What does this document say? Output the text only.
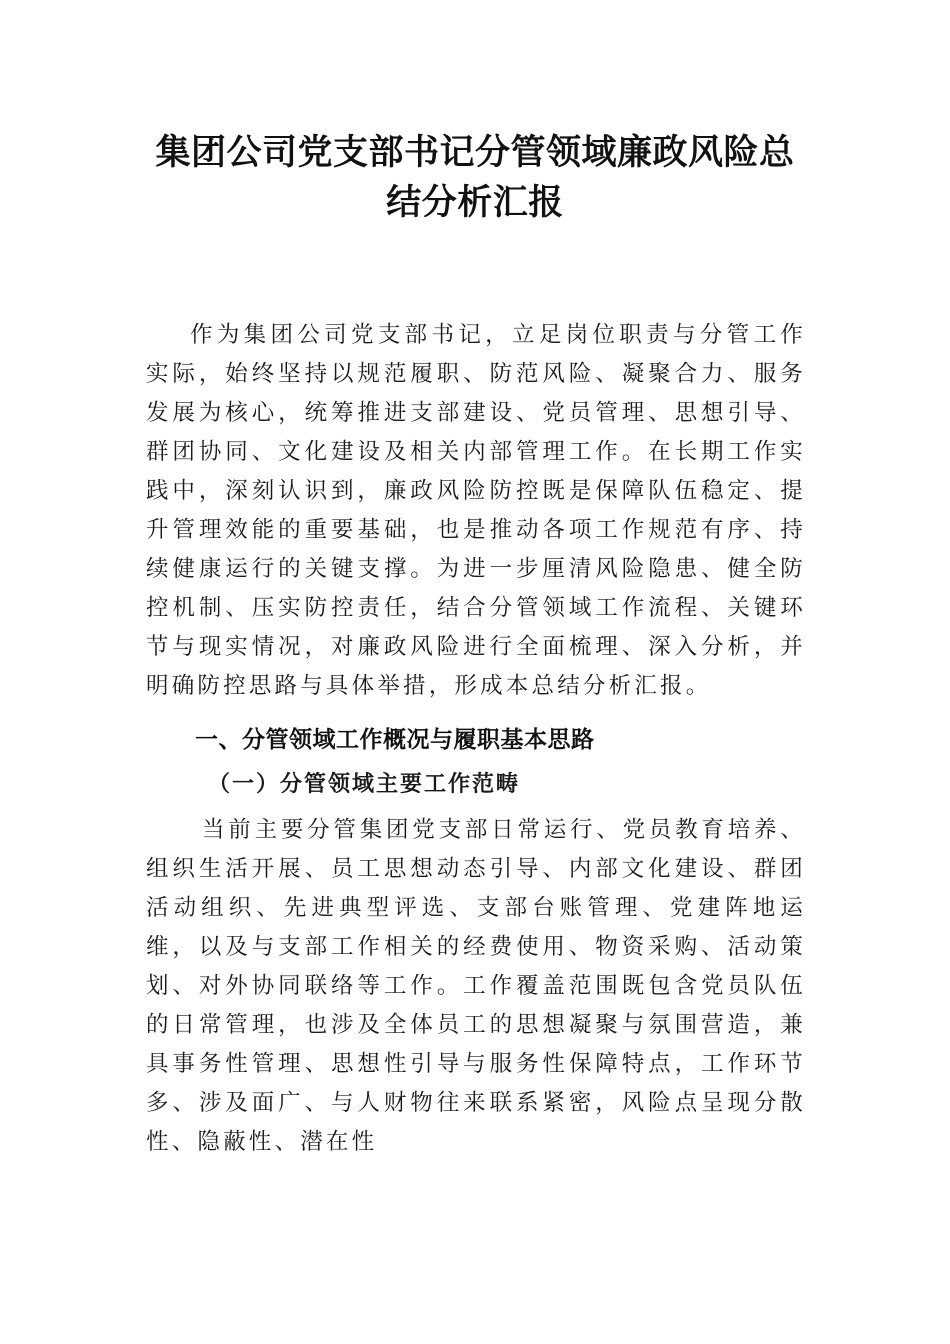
集团公司党支部书记分管领域廉政风险总
结分析汇报

作为集团公司党支部书记，立足岗位职责与分管工作实际，始终坚持以规范履职、防范风险、凝聚合力、服务发展为核心，统筹推进支部建设、党员管理、思想引导、群团协同、文化建设及相关内部管理工作。在长期工作实践中，深刻认识到，廉政风险防控既是保障队伍稳定、提升管理效能的重要基础，也是推动各项工作规范有序、持续健康运行的关键支撑。为进一步厘清风险隐患、健全防控机制、压实防控责任，结合分管领域工作流程、关键环节与现实情况，对廉政风险进行全面梳理、深入分析，并明确防控思路与具体举措，形成本总结分析汇报。

一、分管领域工作概况与履职基本思路
（一）分管领域主要工作范畴

当前主要分管集团党支部日常运行、党员教育培养、组织生活开展、员工思想动态引导、内部文化建设、群团活动组织、先进典型评选、支部台账管理、党建阵地运维，以及与支部工作相关的经费使用、物资采购、活动策划、对外协同联络等工作。工作覆盖范围既包含党员队伍的日常管理，也涉及全体员工的思想凝聚与氛围营造，兼具事务性管理、思想性引导与服务性保障特点，工作环节多、涉及面广、与人财物往来联系紧密，风险点呈现分散性、隐蔽性、潜在性
